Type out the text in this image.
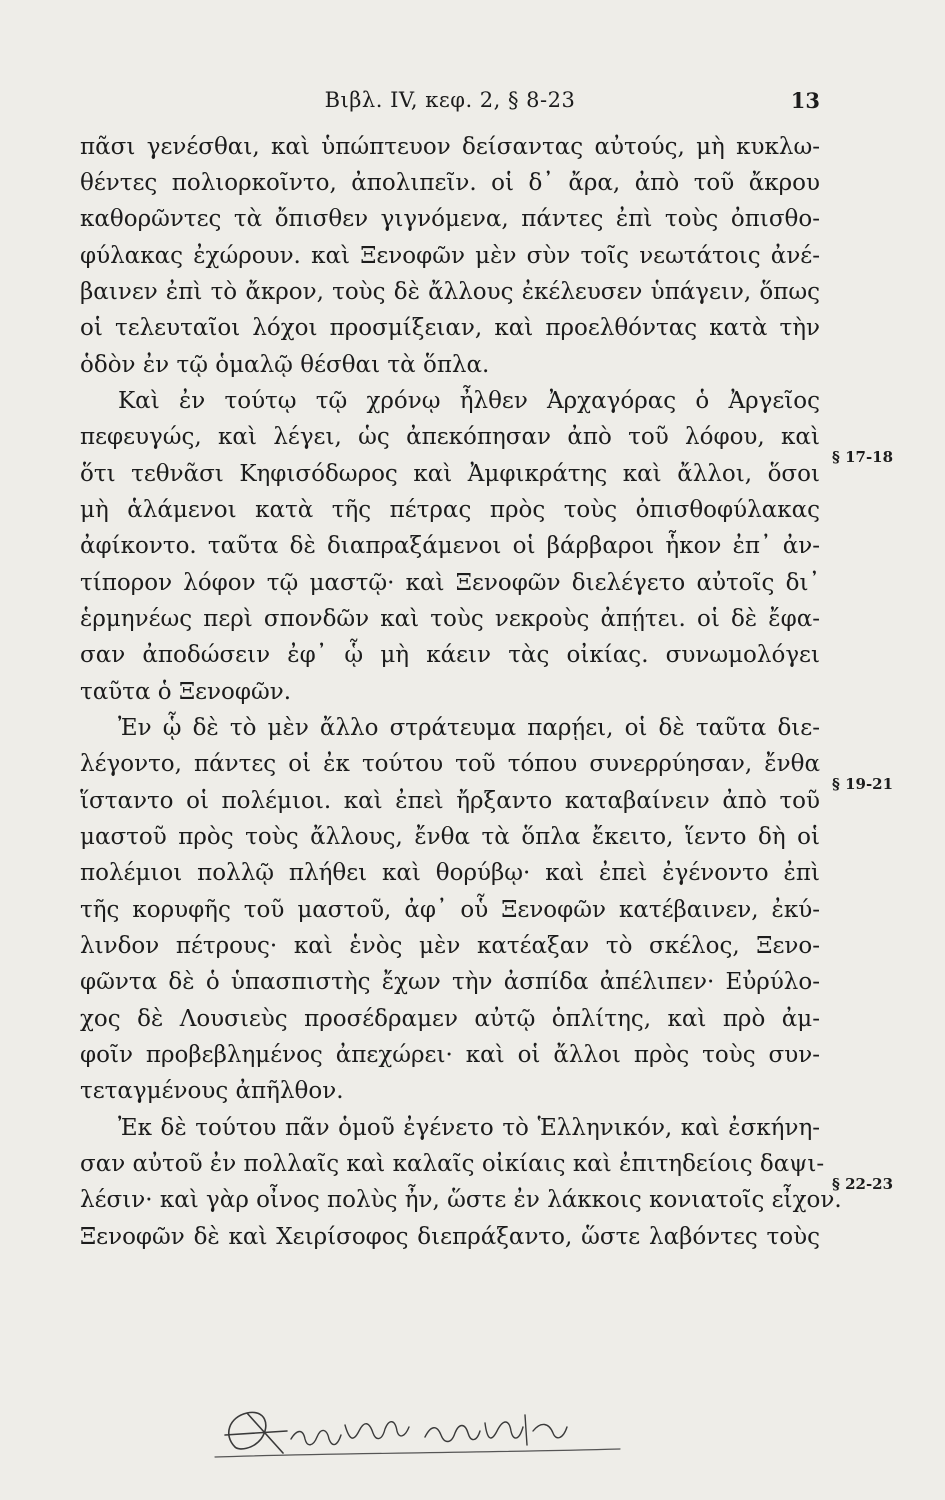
Βιβλ. IV, κεφ. 2, § 8-23	13
πᾶσι γενέσθαι, καὶ ὑπώπτευον δείσαντας αὐτούς, μὴ κυκλω-
θέντες πολιορκοῖντο, ἀπολιπεῖν. οἱ δ᾽ ἄρα, ἀπὸ τοῦ ἄκρου
καθορῶντες τὰ ὄπισθεν γιγνόμενα, πάντες ἐπὶ τοὺς ὀπισθο-
φύλακας ἐχώρουν. καὶ Ξενοφῶν μὲν σὺν τοῖς νεωτάτοις ἀνέ-
βαινεν ἐπὶ τὸ ἄκρον, τοὺς δὲ ἄλλους ἐκέλευσεν ὑπάγειν, ὅπως
οἱ τελευταῖοι λόχοι προσμίξειαν, καὶ προελθόντας κατὰ τὴν
ὁδὸν ἐν τῷ ὁμαλῷ θέσθαι τὰ ὅπλα.
Καὶ ἐν τούτῳ τῷ χρόνῳ ἦλθεν Ἀρχαγόρας ὁ Ἀργεῖος
πεφευγώς, καὶ λέγει, ὡς ἀπεκόπησαν ἀπὸ τοῦ λόφου, καὶ
ὅτι τεθνᾶσι Κηφισόδωρος καὶ Ἀμφικράτης καὶ ἄλλοι, ὅσοι
μὴ ἁλάμενοι κατὰ τῆς πέτρας πρὸς τοὺς ὀπισθοφύλακας
ἀφίκοντο. ταῦτα δὲ διαπραξάμενοι οἱ βάρβαροι ἧκον ἐπ᾽ ἀν-
τίπορον λόφον τῷ μαστῷ· καὶ Ξενοφῶν διελέγετο αὐτοῖς δι᾽
ἑρμηνέως περὶ σπονδῶν καὶ τοὺς νεκροὺς ἀπῄτει. οἱ δὲ ἔφα-
σαν ἀποδώσειν ἐφ᾽ ᾧ μὴ κάειν τὰς οἰκίας. συνωμολόγει
ταῦτα ὁ Ξενοφῶν.
Ἐν ᾧ δὲ τὸ μὲν ἄλλο στράτευμα παρῄει, οἱ δὲ ταῦτα διε-
λέγοντο, πάντες οἱ ἐκ τούτου τοῦ τόπου συνερρύησαν, ἔνθα
ἵσταντο οἱ πολέμιοι. καὶ ἐπεὶ ἤρξαντο καταβαίνειν ἀπὸ τοῦ
μαστοῦ πρὸς τοὺς ἄλλους, ἔνθα τὰ ὅπλα ἔκειτο, ἵεντο δὴ οἱ
πολέμιοι πολλῷ πλήθει καὶ θορύβῳ· καὶ ἐπεὶ ἐγένοντο ἐπὶ
τῆς κορυφῆς τοῦ μαστοῦ, ἀφ᾽ οὗ Ξενοφῶν κατέβαινεν, ἐκύ-
λινδον πέτρους· καὶ ἑνὸς μὲν κατέαξαν τὸ σκέλος, Ξενο-
φῶντα δὲ ὁ ὑπασπιστὴς ἔχων τὴν ἀσπίδα ἀπέλιπεν· Εὐρύλο-
χος δὲ Λουσιεὺς προσέδραμεν αὐτῷ ὁπλίτης, καὶ πρὸ ἀμ-
φοῖν προβεβλημένος ἀπεχώρει· καὶ οἱ ἄλλοι πρὸς τοὺς συν-
τεταγμένους ἀπῆλθον.
Ἐκ δὲ τούτου πᾶν ὁμοῦ ἐγένετο τὸ Ἑλληνικόν, καὶ ἐσκήνη-
σαν αὐτοῦ ἐν πολλαῖς καὶ καλαῖς οἰκίαις καὶ ἐπιτηδείοις δαψι-
λέσιν· καὶ γὰρ οἶνος πολὺς ἦν, ὥστε ἐν λάκκοις κονιατοῖς εἶχον.
Ξενοφῶν δὲ καὶ Χειρίσοφος διεπράξαντο, ὥστε λαβόντες τοὺς
§ 17-18
§ 19-21
§ 22-23
